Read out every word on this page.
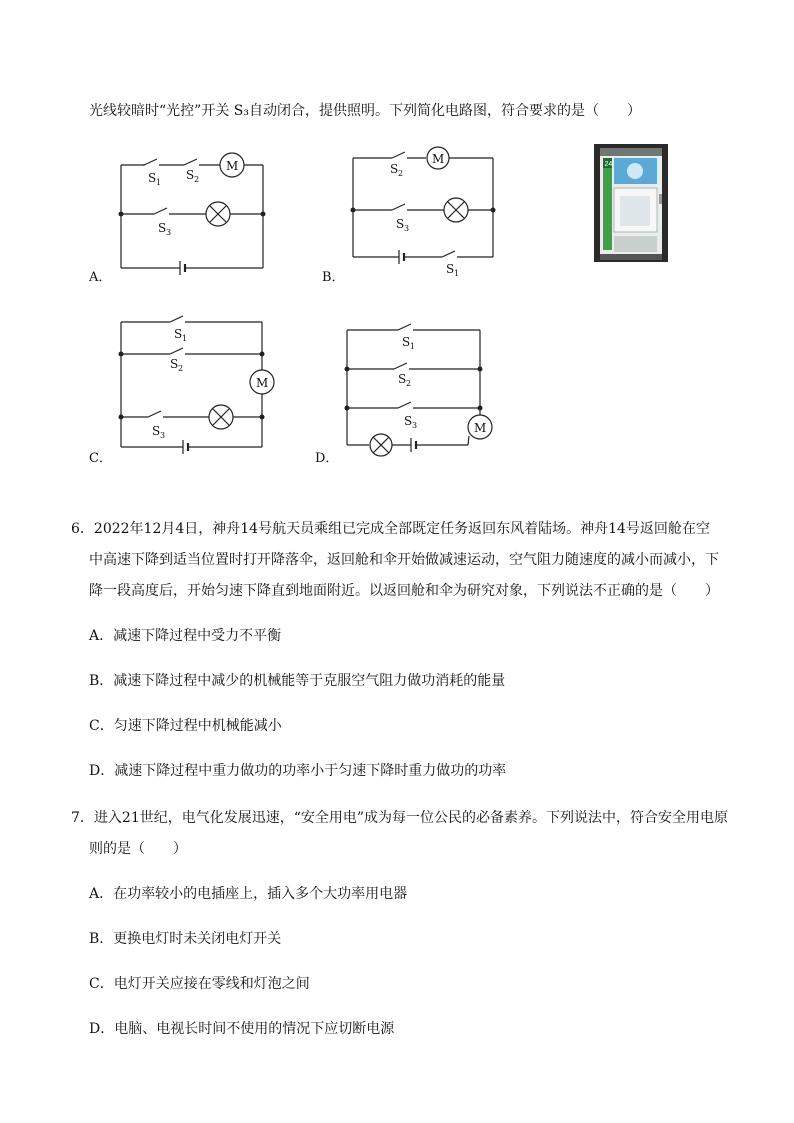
光线较暗时“光控”开关 S₃自动闭合，提供照明。下列简化电路图，符合要求的是（　　）
24
A．
M
S 1
S 2
S 3
B．
M
S 2
S 3
S 1
C．
S 1
S 2
M
S 3
D．
S 1
S 2
S 3	M
6．2022年12月4日，神舟14号航天员乘组已完成全部既定任务返回东风着陆场。神舟14号返回舱在空
中高速下降到适当位置时打开降落伞，返回舱和伞开始做减速运动，空气阻力随速度的减小而减小，下
降一段高度后，开始匀速下降直到地面附近。以返回舱和伞为研究对象，下列说法不正确的是（　　）
A．减速下降过程中受力不平衡
B．减速下降过程中减少的机械能等于克服空气阻力做功消耗的能量
C．匀速下降过程中机械能减小
D．减速下降过程中重力做功的功率小于匀速下降时重力做功的功率
7．进入21世纪，电气化发展迅速，“安全用电”成为每一位公民的必备素养。下列说法中，符合安全用电原
则的是（　　）
A．在功率较小的电插座上，插入多个大功率用电器
B．更换电灯时未关闭电灯开关
C．电灯开关应接在零线和灯泡之间
D．电脑、电视长时间不使用的情况下应切断电源
